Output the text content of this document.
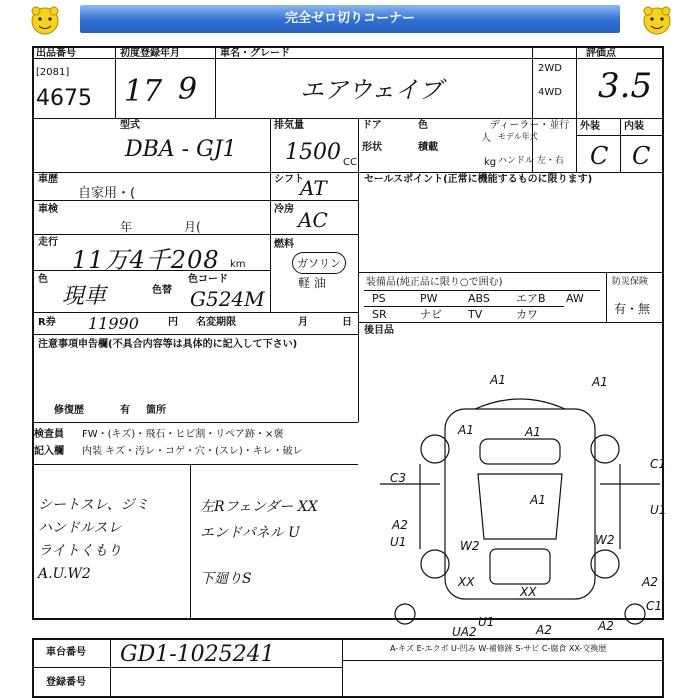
完全ゼロ切りコーナー
出品番号
[2081]
4675
初度登録年月
17 9
車名・グレード
エアウェイブ
2WD
4WD
評価点
3.5
型式
DBA - GJ1
排気量
1500 CC
ドア	色	ディーラー・並行
人 モデル年式
形状	積載
kg ハンドル 左・右
外装 内装
C C
車歴
自家用・(
シフト
AT
車検
年	月(
冷房 AC
走行
11万4千208 km
燃料
ガソリン
軽 油
色
現車	色替
色コード
G524M
R券 11990	円 名変期限	月	日
セールスポイント(正常に機能するものに限ります)
装備品(純正品に限り○で囲む)	防災保険
有・無
PS	PW	ABS エアB AW
SR	ナビ TV	カワ
後目品
注意事項申告欄(不具合内容等は具体的に記入して下さい)
修復歴	有 箇所
検査員
記入欄
FW・(キズ)・飛石・ヒビ割・リペア跡・×褒
内装 キズ・汚レ・コゲ・穴・(スレ)・キレ・破レ
シートスレ、ジミ
ハンドルスレ
ライトくもり
A.U.W2
左Rフェンダー XX
エンドパネル U
下廻りS
A1	A1
A1
A1
C3
C1
U1
A2
U1	W2	W2
A1
XX
XX
A2
C1
U1
A2
UA2	A2
車台番号 GD1-1025241
登録番号
A-キズ E-エクボ U-凹み W-補修跡 S-サビ C-腐食 XX-交換歴
